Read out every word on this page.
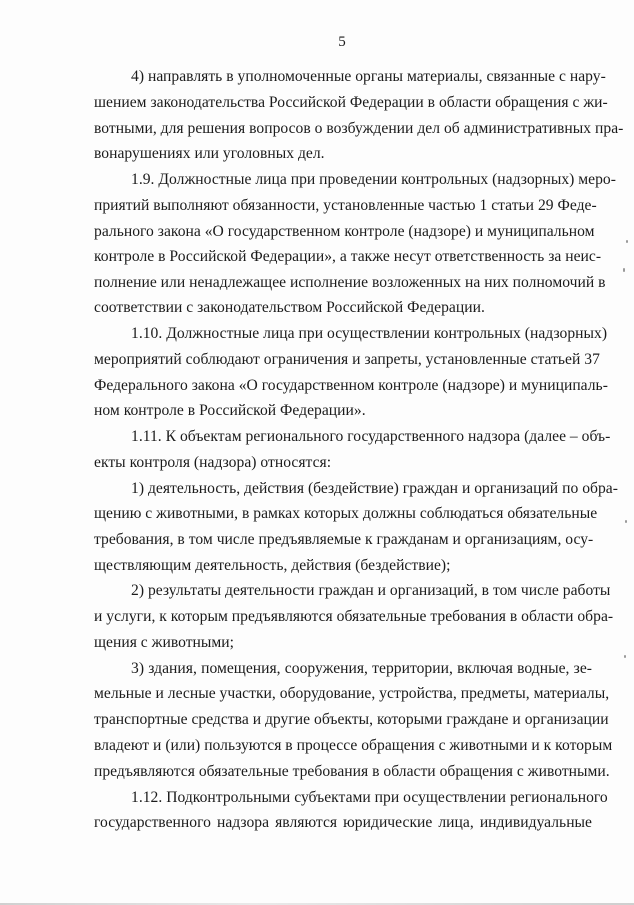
5
4) направлять в уполномоченные органы материалы, связанные с нару-
шением законодательства Российской Федерации в области обращения с жи-
вотными, для решения вопросов о возбуждении дел об административных пра-
вонарушениях или уголовных дел.
1.9. Должностные лица при проведении контрольных (надзорных) меро-
приятий выполняют обязанности, установленные частью 1 статьи 29 Феде-
рального закона «О государственном контроле (надзоре) и муниципальном
контроле в Российской Федерации», а также несут ответственность за неис-
полнение или ненадлежащее исполнение возложенных на них полномочий в
соответствии с законодательством Российской Федерации.
1.10. Должностные лица при осуществлении контрольных (надзорных)
мероприятий соблюдают ограничения и запреты, установленные статьей 37
Федерального закона «О государственном контроле (надзоре) и муниципаль-
ном контроле в Российской Федерации».
1.11. К объектам регионального государственного надзора (далее – объ-
екты контроля (надзора) относятся:
1) деятельность, действия (бездействие) граждан и организаций по обра-
щению с животными, в рамках которых должны соблюдаться обязательные
требования, в том числе предъявляемые к гражданам и организациям, осу-
ществляющим деятельность, действия (бездействие);
2) результаты деятельности граждан и организаций, в том числе работы
и услуги, к которым предъявляются обязательные требования в области обра-
щения с животными;
3) здания, помещения, сооружения, территории, включая водные, зе-
мельные и лесные участки, оборудование, устройства, предметы, материалы,
транспортные средства и другие объекты, которыми граждане и организации
владеют и (или) пользуются в процессе обращения с животными и к которым
предъявляются обязательные требования в области обращения с животными.
1.12. Подконтрольными субъектами при осуществлении регионального
государственного надзора являются юридические лица, индивидуальные
